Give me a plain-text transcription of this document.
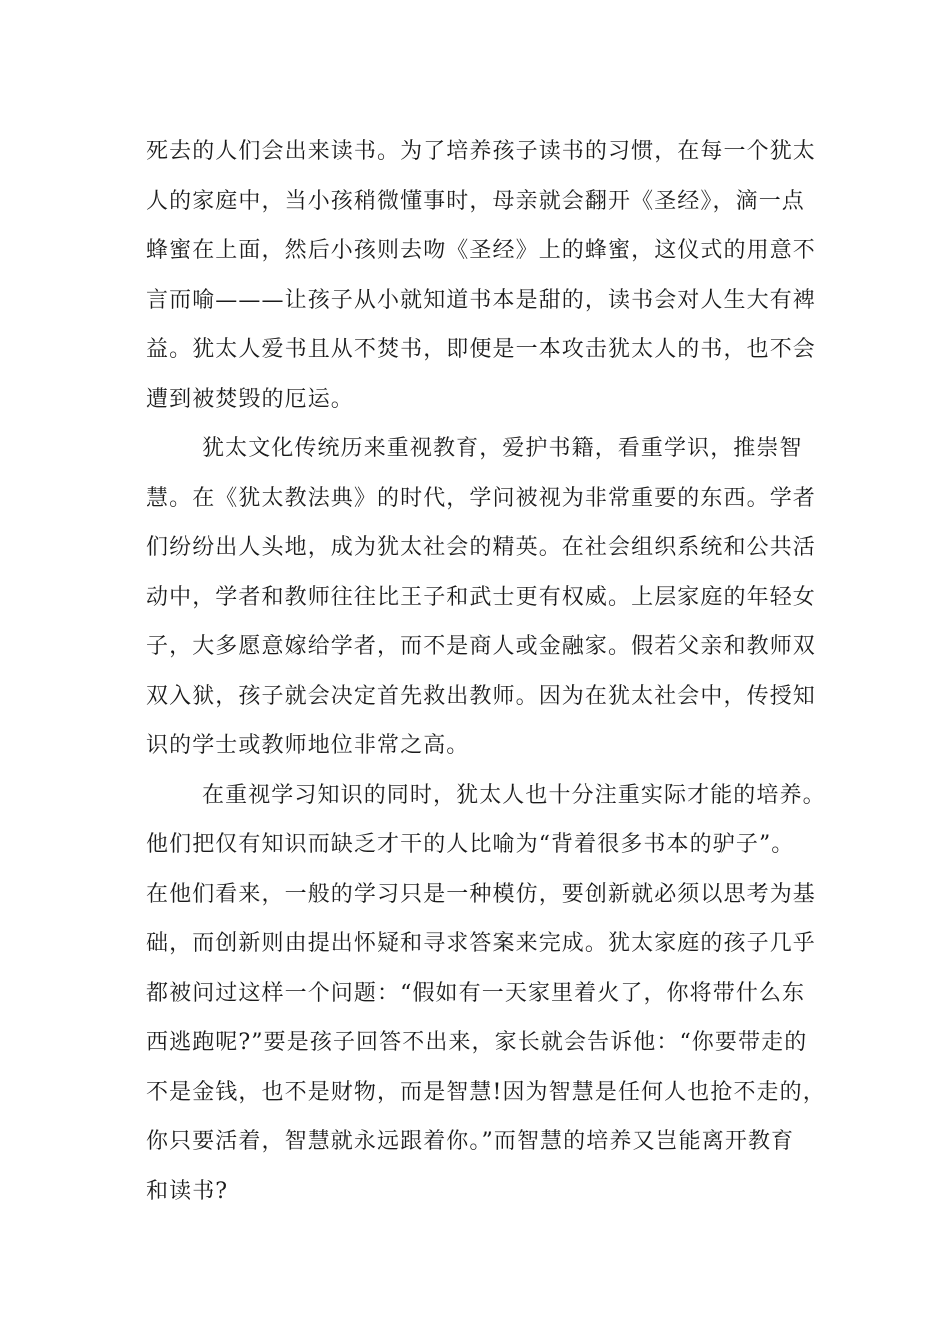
死去的人们会出来读书。为了培养孩子读书的习惯，在每一个犹太
人的家庭中，当小孩稍微懂事时，母亲就会翻开《圣经》，滴一点
蜂蜜在上面，然后小孩则去吻《圣经》上的蜂蜜，这仪式的用意不
言而喻———让孩子从小就知道书本是甜的，读书会对人生大有裨
益。犹太人爱书且从不焚书，即便是一本攻击犹太人的书，也不会
遭到被焚毁的厄运。
犹太文化传统历来重视教育，爱护书籍，看重学识，推崇智
慧。在《犹太教法典》的时代，学问被视为非常重要的东西。学者
们纷纷出人头地，成为犹太社会的精英。在社会组织系统和公共活
动中，学者和教师往往比王子和武士更有权威。上层家庭的年轻女
子，大多愿意嫁给学者，而不是商人或金融家。假若父亲和教师双
双入狱，孩子就会决定首先救出教师。因为在犹太社会中，传授知
识的学士或教师地位非常之高。
在重视学习知识的同时，犹太人也十分注重实际才能的培养。
他们把仅有知识而缺乏才干的人比喻为“背着很多书本的驴子”。
在他们看来，一般的学习只是一种模仿，要创新就必须以思考为基
础，而创新则由提出怀疑和寻求答案来完成。犹太家庭的孩子几乎
都被问过这样一个问题：“假如有一天家里着火了，你将带什么东
西逃跑呢?”要是孩子回答不出来，家长就会告诉他：“你要带走的
不是金钱，也不是财物，而是智慧!因为智慧是任何人也抢不走的，
你只要活着，智慧就永远跟着你。”而智慧的培养又岂能离开教育
和读书?
